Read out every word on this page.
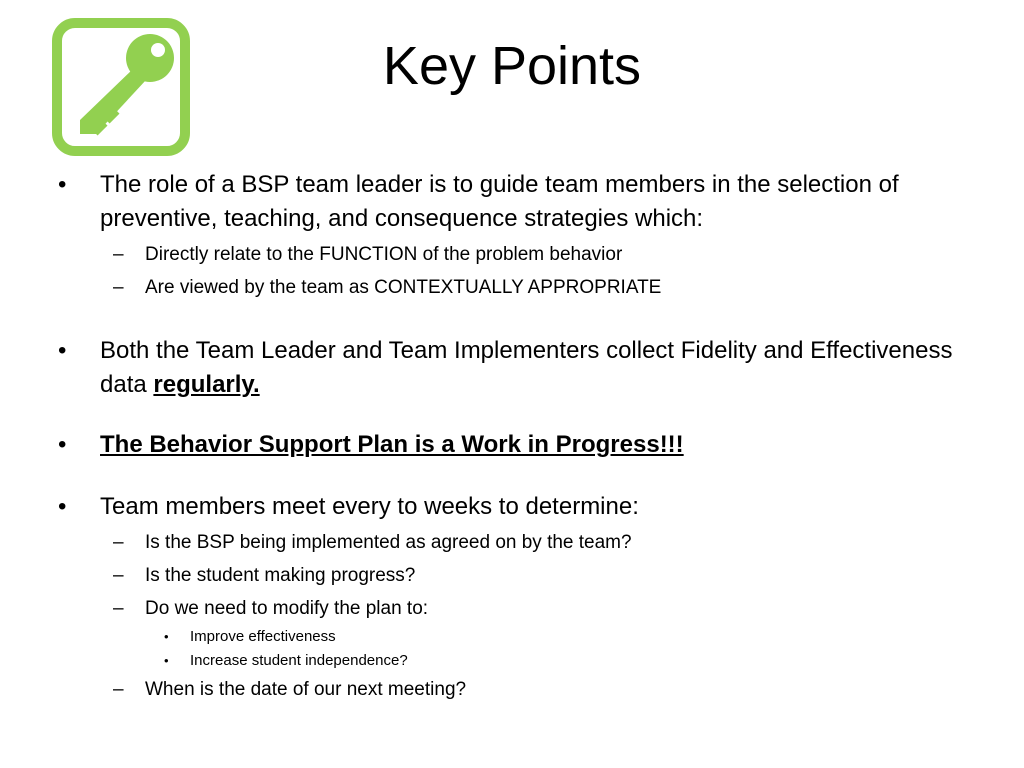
Key Points

•	The role of a BSP team leader is to guide team members in the selection of preventive, teaching, and consequence strategies which:

– Directly relate to the FUNCTION of the problem behavior

– Are viewed by the team as CONTEXTUALLY APPROPRIATE

•	Both the Team Leader and Team Implementers collect Fidelity and Effectiveness data regularly.

•	The Behavior Support Plan is a Work in Progress!!!

•	Team members meet every to weeks to determine:

– Is the BSP being implemented as agreed on by the team?

– Is the student making progress?

– Do we need to modify the plan to:

• Improve effectiveness

• Increase student independence?

– When is the date of our next meeting?
